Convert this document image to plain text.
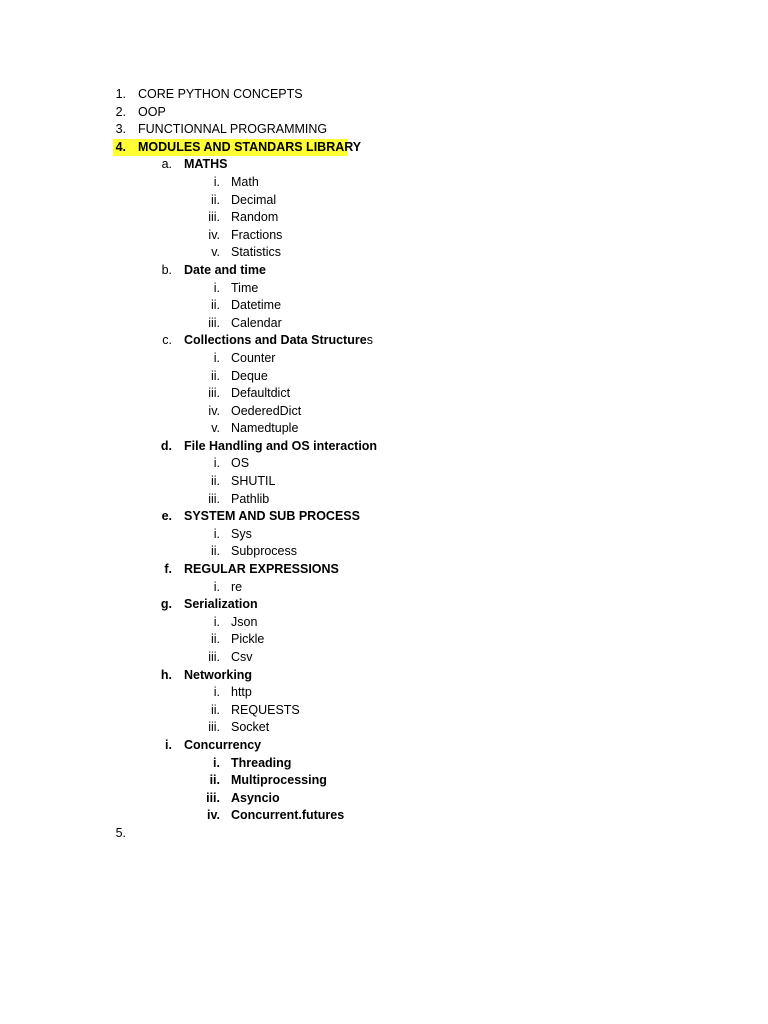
1. CORE PYTHON CONCEPTS
2. OOP
3. FUNCTIONNAL PROGRAMMING
4. MODULES AND STANDARS LIBRARY
a. MATHS
i. Math
ii. Decimal
iii. Random
iv. Fractions
v. Statistics
b. Date and time
i. Time
ii. Datetime
iii. Calendar
c. Collections and Data Structures
i. Counter
ii. Deque
iii. Defaultdict
iv. OederedDict
v. Namedtuple
d. File Handling and OS interaction
i. OS
ii. SHUTIL
iii. Pathlib
e. SYSTEM AND SUB PROCESS
i. Sys
ii. Subprocess
f. REGULAR EXPRESSIONS
i. re
g. Serialization
i. Json
ii. Pickle
iii. Csv
h. Networking
i. http
ii. REQUESTS
iii. Socket
i. Concurrency
i. Threading
ii. Multiprocessing
iii. Asyncio
iv. Concurrent.futures
5.
